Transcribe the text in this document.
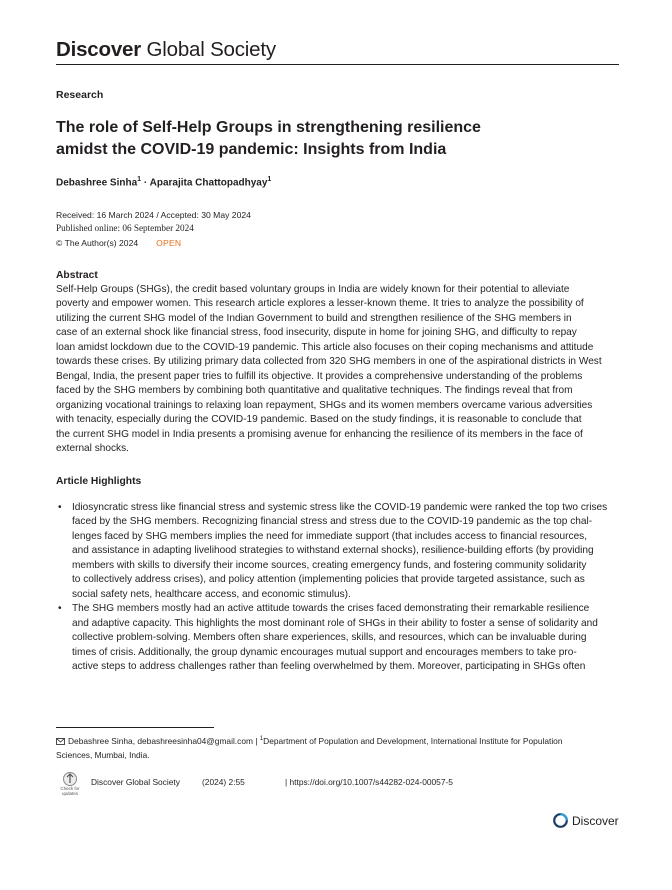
Discover Global Society
Research
The role of Self-Help Groups in strengthening resilience
amidst the COVID-19 pandemic: Insights from India
Debashree Sinha$^1$ · Aparajita Chattopadhyay$^1$
Received: 16 March 2024 / Accepted: 30 May 2024
Published online: 06 September 2024
© The Author(s) 2024 OPEN
Abstract
Self-Help Groups (SHGs), the credit based voluntary groups in India are widely known for their potential to alleviate
poverty and empower women. This research article explores a lesser-known theme. It tries to analyze the possibility of
utilizing the current SHG model of the Indian Government to build and strengthen resilience of the SHG members in
case of an external shock like financial stress, food insecurity, dispute in home for joining SHG, and difficulty to repay
loan amidst lockdown due to the COVID-19 pandemic. This article also focuses on their coping mechanisms and attitude
towards these crises. By utilizing primary data collected from 320 SHG members in one of the aspirational districts in West
Bengal, India, the present paper tries to fulfill its objective. It provides a comprehensive understanding of the problems
faced by the SHG members by combining both quantitative and qualitative techniques. The findings reveal that from
organizing vocational trainings to relaxing loan repayment, SHGs and its women members overcame various adversities
with tenacity, especially during the COVID-19 pandemic. Based on the study findings, it is reasonable to conclude that
the current SHG model in India presents a promising avenue for enhancing the resilience of its members in the face of
external shocks.
Article Highlights
• Idiosyncratic stress like financial stress and systemic stress like the COVID-19 pandemic were ranked the top two crises
faced by the SHG members. Recognizing financial stress and stress due to the COVID-19 pandemic as the top chal-
lenges faced by SHG members implies the need for immediate support (that includes access to financial resources,
and assistance in adapting livelihood strategies to withstand external shocks), resilience-building efforts (by providing
members with skills to diversify their income sources, creating emergency funds, and fostering community solidarity
to collectively address crises), and policy attention (implementing policies that provide targeted assistance, such as
social safety nets, healthcare access, and economic stimulus).
• The SHG members mostly had an active attitude towards the crises faced demonstrating their remarkable resilience
and adaptive capacity. This highlights the most dominant role of SHGs in their ability to foster a sense of solidarity and
collective problem-solving. Members often share experiences, skills, and resources, which can be invaluable during
times of crisis. Additionally, the group dynamic encourages mutual support and encourages members to take pro-
active steps to address challenges rather than feeling overwhelmed by them. Moreover, participating in SHGs often
Debashree Sinha, debashreesinha04@gmail.com | $^1$Department of Population and Development, International Institute for Population
Sciences, Mumbai, India.
Check for updates
Discover Global Society	(2024) 2:55	| https://doi.org/10.1007/s44282-024-00057-5
Discover
